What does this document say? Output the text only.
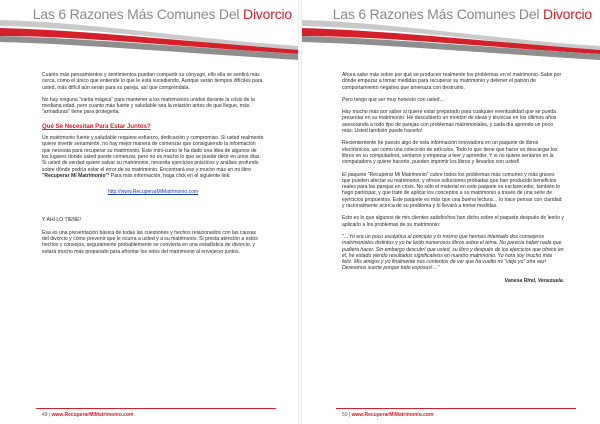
Las 6 Razones Más Comunes Del Divorcio

Cuanto más pensamientos y sentimientos puedan compartir su cónyuge, ello ella se sentirá más cerca, como el único que entiende lo que le está sucediendo. Aunque serán tiempos difíciles para usted, más difícil aún serán para su pareja, así que compréndala.

No hay ninguna "varita mágica" para mantener a los matrimonios unidos durante la crisis de la mediana edad, pero cuanto más fuerte y saludable sea la relación antes de que llegue, más "armaduras" tiene para protegerla.

Qué Se Necesitan Para Estar Juntos?

Un matrimonio fuerte y saludable requiere esfuerzo, dedicación y compromiso. Si usted realmente quiere invertir seriamente, no hay mejor manera de comenzar que consiguiendo la información que necesita para recuperar su matrimonio. Este mini-curso le ha dado una idea de algunos de los lugares donde usted puede comenzar, pero no es mucho lo que se puede decir en unos días. Si usted de verdad quiere salvar su matrimonio, necesita ejercicios prácticos y análisis profundo sobre dónde podría estar el error de su matrimonio. Encontrará eso y mucho más en mi libro "Recuperar Mi Matrimonio"! Para más información, haga click en el siguiente link:

http://www.RecuperarMiMatrimonio.com

Y AHÍ LO TIENE!

Esa es una presentación básica de todas las cuestiones y hechos relacionados con las causas del divorcio y cómo prevenir que le ocurra a usted y a su matrimonio. Si presta atención a estos hechos y consejos, seguramente probablemente se convierta en una estadística de divorcio, y estará mucho más preparado para afrontar los retos del matrimonio al envejecer juntos.

49 | www.RecuperarMiMatrimonio.com
Las 6 Razones Más Comunes Del Divorcio

Ahora sabe más sobre por qué se producen realmente los problemas en el matrimonio. Sabe por dónde empezar a tomar medidas para recuperar su matrimonio y detener el patrón de comportamiento negativo que amenaza con destruirlo.

Pero tengo que ser muy honesto con usted…

Hay mucho más por saber si quiere estar preparado para cualquier eventualidad que se pueda presentar en su matrimonio. He descubierto un montón de ideas y técnicas en los últimos años asesorando a todo tipo de parejas con problemas matrimoniales, y cada día aprendo un poco más. Usted también puede hacerlo!

Recientemente he puesto algo de esta información innovadora en un paquete de libros electrónicos, así como una colección de artículos. Todo lo que tiene que hacer es descargar los libros en su computadora, sentarse y empezar a leer y aprender. Y si no quiere sentarse en la computadora y quiere hacerlo, pueden imprimir los libros y llevarlos con usted!

El paquete "Recuperar Mi Matrimonio" cubre todos los problemas más comunes y más graves que pueden afectar su matrimonio, y ofrece soluciones probadas que han producido beneficios reales para las parejas en crisis. No sólo el material en este paquete es esclarecedor, también lo hago participar, y que trate de aplicar los conceptos a su matrimonio a través de una serie de ejercicios propuestos. Este paquete es más que una buena lectura… lo hace pensar con claridad y racionalmente acerca de su problema y lo llevará a tomar medidas.

Esto es lo que algunos de mis clientes satisfechos han dicho sobre el paquete después de leerlo y aplicarlo a los problemas de su matrimonio:

"…Yo era un poco escéptica al principio y lo mismo que hermos intentado dos consejeros matrimoniales distintos y yo he leído numerosos libros sobre el tema. No parecía haber nada que pudiera hacer. Sin embargo descubrí que usted, su libro y después de los ejercicios que ofrece en él, he estado viendo resultados significativos en nuestro matrimonio. Yo hora soy mucho más feliz. Mis amigos y yo finalmente nos contentos de ver que ha vuelto mi "viejo yo" otra vez! Deseamos suerte porque todo esposos!…"

Vanesa Rirel, Venezuela.
50 | www.RecuperarMiMatrimonio.com
